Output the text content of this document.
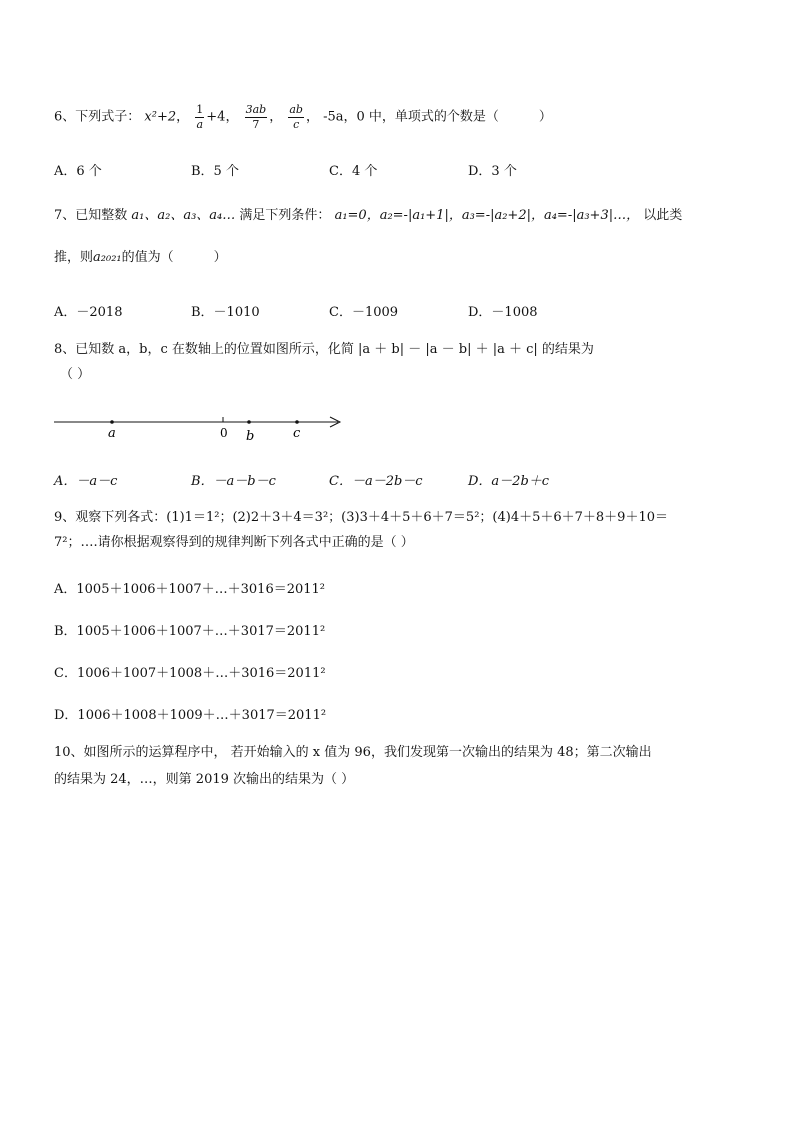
6、下列式子： x²+2， $\frac{1}{a} +4$， $\frac{3ab}{7}$ ， $\frac{ab}{c}$ ， -5a，0 中，单项式的个数是（	）
A．6 个	B．5 个	C．4 个	D．3 个
7、已知整数 a₁、a₂、a₃、a₄… 满足下列条件： a₁=0，a₂=-|a₁+1|，a₃=-|a₂+2|，a₄=-|a₃+3|…， 以此类
推，则a₂₀₂₁的值为（	）
A．－2018	B．－1010	C．－1009	D．－1008
8、已知数 a，b，c 在数轴上的位置如图所示，化简 |a ＋ b| － |a － b| ＋ |a ＋ c| 的结果为
（ ）
a	0 b	c
A．－a－c	B．－a－b－c	C．－a－2b－c	D．a－2b＋c
9、观察下列各式：(1)1＝1²；(2)2＋3＋4＝3²；(3)3＋4＋5＋6＋7＝5²；(4)4＋5＋6＋7＋8＋9＋10＝
7²；….请你根据观察得到的规律判断下列各式中正确的是（ ）
A．1005＋1006＋1007＋…＋3016＝2011²
B．1005＋1006＋1007＋…＋3017＝2011²
C．1006＋1007＋1008＋…＋3016＝2011²
D．1006＋1008＋1009＋…＋3017＝2011²
10、如图所示的运算程序中， 若开始输入的 x 值为 96，我们发现第一次输出的结果为 48；第二次输出
的结果为 24，…，则第 2019 次输出的结果为（ ）
